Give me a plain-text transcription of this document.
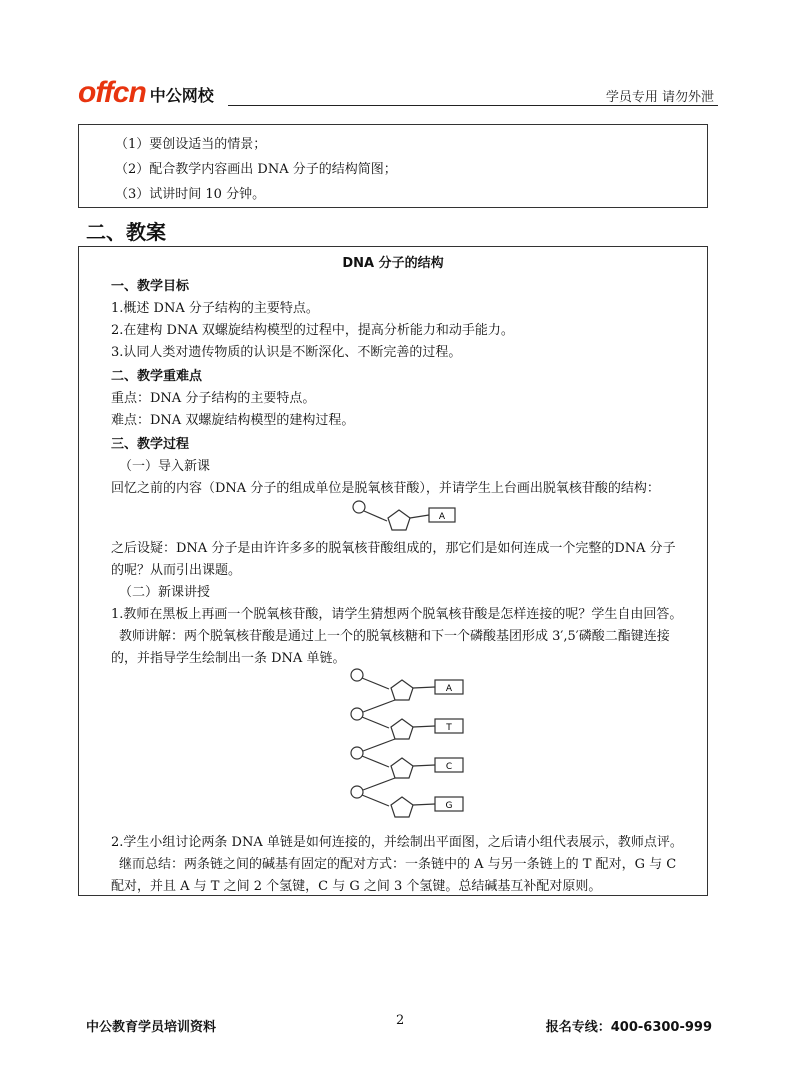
offcn 中公网校	学员专用 请勿外泄
（1）要创设适当的情景；
（2）配合教学内容画出 DNA 分子的结构简图；
（3）试讲时间 10 分钟。
二、教案
DNA 分子的结构
一、教学目标
1.概述 DNA 分子结构的主要特点。
2.在建构 DNA 双螺旋结构模型的过程中，提高分析能力和动手能力。
3.认同人类对遗传物质的认识是不断深化、不断完善的过程。
二、教学重难点
重点：DNA 分子结构的主要特点。
难点：DNA 双螺旋结构模型的建构过程。
三、教学过程
（一）导入新课
回忆之前的内容（DNA 分子的组成单位是脱氧核苷酸），并请学生上台画出脱氧核苷酸的结构：
A
之后设疑：DNA 分子是由许许多多的脱氧核苷酸组成的，那它们是如何连成一个完整的DNA 分子
的呢？从而引出课题。
（二）新课讲授
1.教师在黑板上再画一个脱氧核苷酸，请学生猜想两个脱氧核苷酸是怎样连接的呢？学生自由回答。
教师讲解：两个脱氧核苷酸是通过上一个的脱氧核糖和下一个磷酸基团形成 3′,5′磷酸二酯键连接
的，并指导学生绘制出一条 DNA 单链。
A
T
C
G
2.学生小组讨论两条 DNA 单链是如何连接的，并绘制出平面图，之后请小组代表展示，教师点评。
继而总结：两条链之间的碱基有固定的配对方式：一条链中的 A 与另一条链上的 T 配对，G 与 C
配对，并且 A 与 T 之间 2 个氢键，C 与 G 之间 3 个氢键。总结碱基互补配对原则。
中公教育学员培训资料	2	报名专线：400-6300-999
